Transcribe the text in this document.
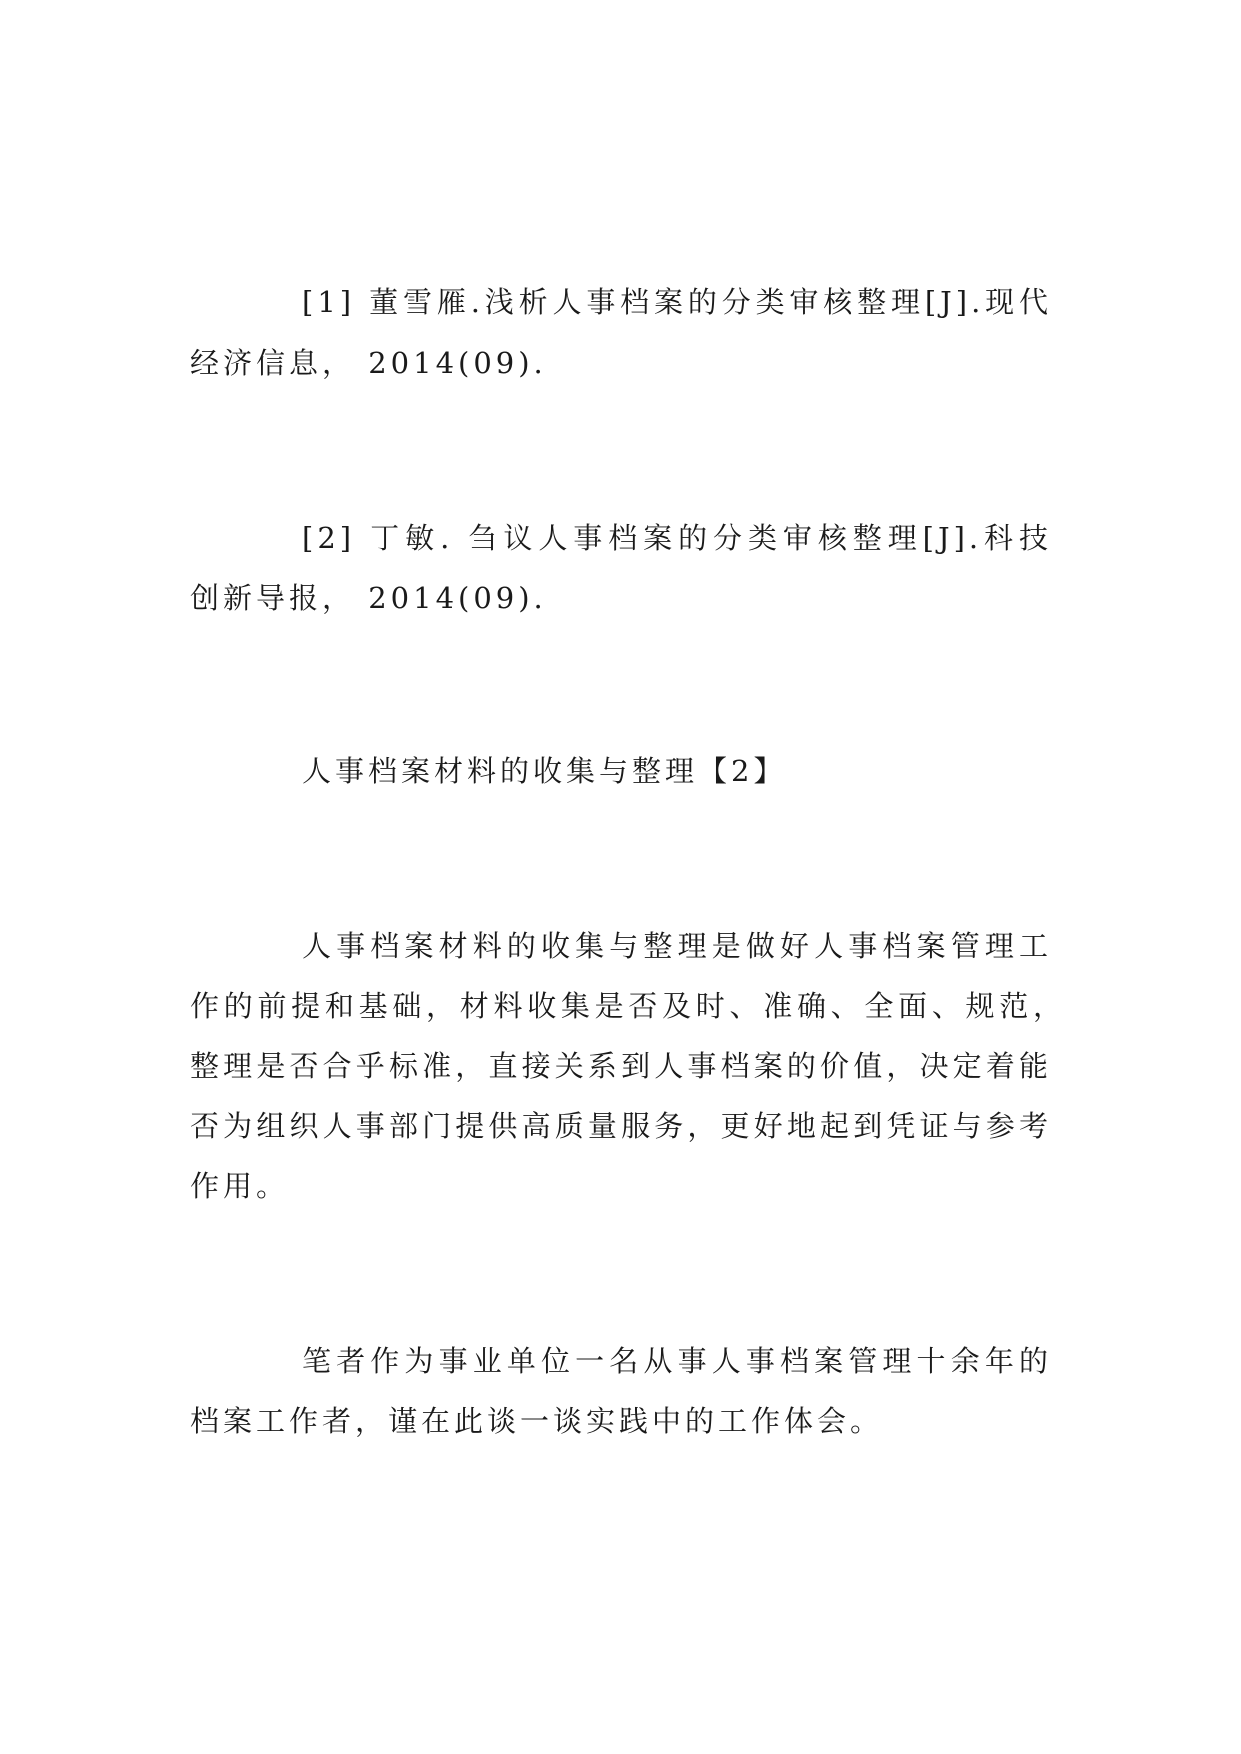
[1] 董雪雁.浅析人事档案的分类审核整理[J].现代
经济信息， 2014(09).
[2] 丁敏. 刍议人事档案的分类审核整理[J].科技
创新导报， 2014(09).
人事档案材料的收集与整理【2】
人事档案材料的收集与整理是做好人事档案管理工
作的前提和基础，材料收集是否及时、准确、全面、规范，
整理是否合乎标准，直接关系到人事档案的价值，决定着能
否为组织人事部门提供高质量服务，更好地起到凭证与参考
作用。
笔者作为事业单位一名从事人事档案管理十余年的
档案工作者，谨在此谈一谈实践中的工作体会。
